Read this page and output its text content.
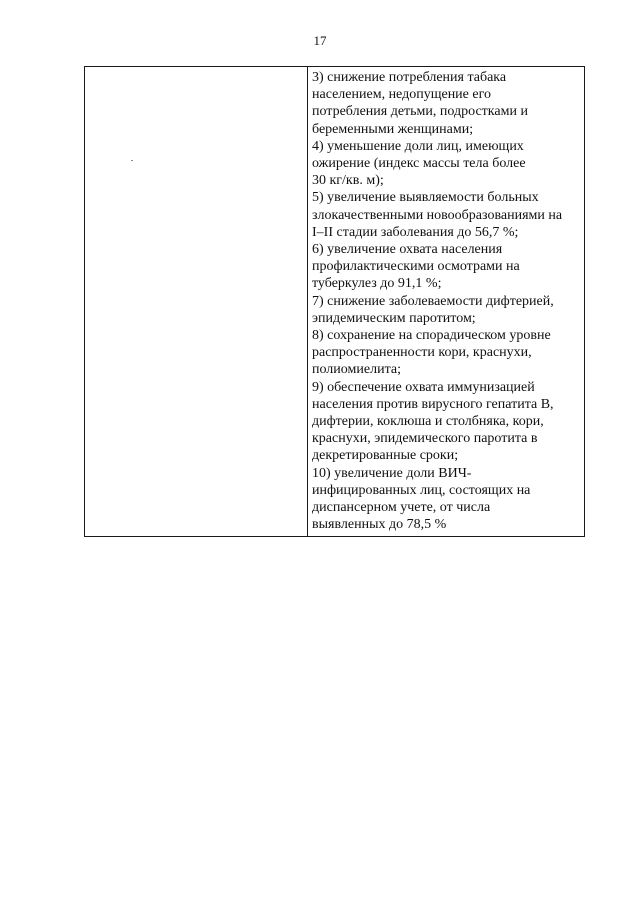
17

3) снижение потребления табака
населением, недопущение его
потребления детьми, подростками и
беременными женщинами;

4) уменьшение доли лиц, имеющих
ожирение (индекс массы тела более
30 кг/кв. м);

5) увеличение выявляемости больных
злокачественными новообразованиями на
I–II стадии заболевания до 56,7 %;

6) увеличение охвата населения
профилактическими осмотрами на
туберкулез до 91,1 %;

7) снижение заболеваемости дифтерией,
эпидемическим паротитом;

8) сохранение на спорадическом уровне
распространенности кори, краснухи,
полиомиелита;

9) обеспечение охвата иммунизацией
населения против вирусного гепатита В,
дифтерии, коклюша и столбняка, кори,
краснухи, эпидемического паротита в
декретированные сроки;

10) увеличение доли ВИЧ-
инфицированных лиц, состоящих на
диспансерном учете, от числа
выявленных до 78,5 %
